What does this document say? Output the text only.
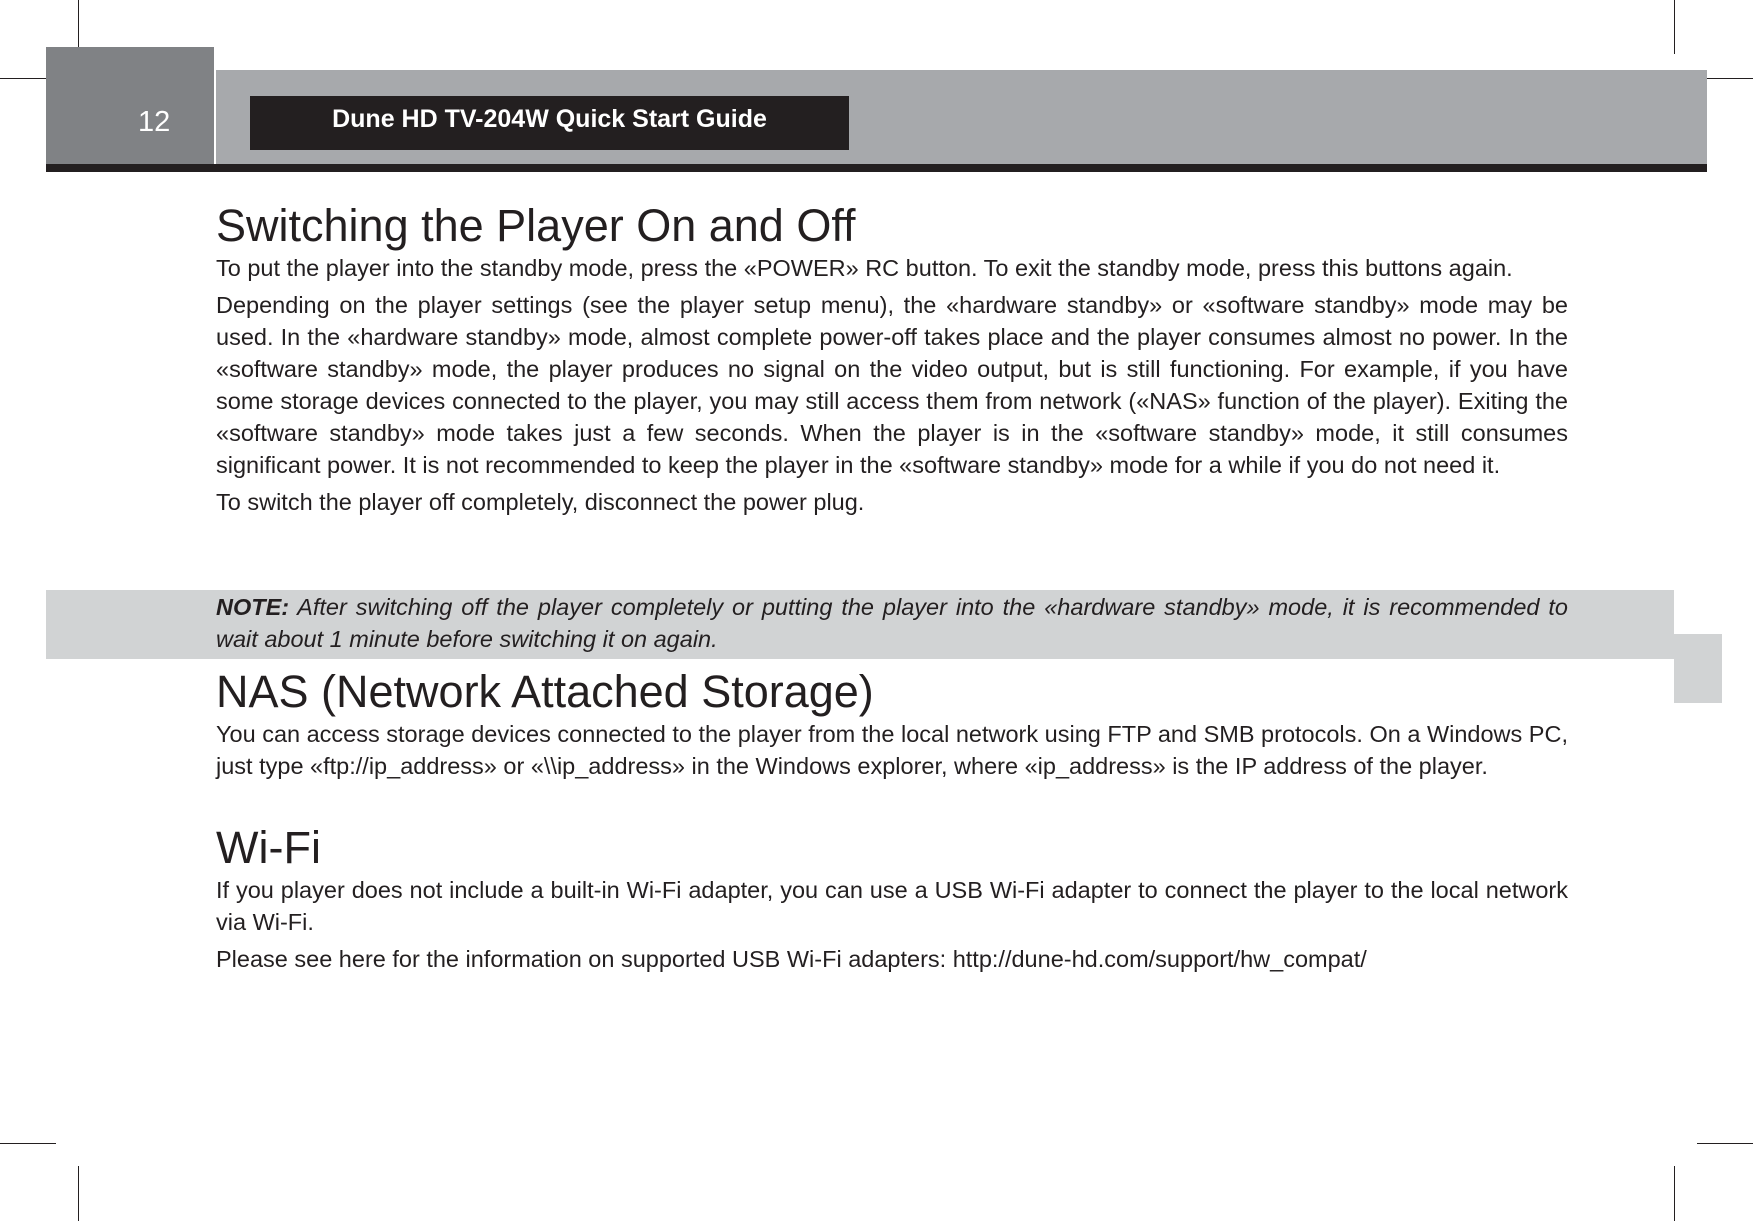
12	Dune HD TV-204W Quick Start Guide
Switching the Player On and Off

To put the player into the standby mode, press the «POWER» RC button. To exit the standby mode, press this buttons again.

Depending on the player settings (see the player setup menu), the «hardware standby» or «software standby» mode may be used. In the «hardware standby» mode, almost complete power-off takes place and the player consumes almost no power. In the «software standby» mode, the player produces no signal on the video output, but is still functioning. For example, if you have some storage devices connected to the player, you may still access them from network («NAS» function of the player). Exiting the «software standby» mode takes just a few seconds. When the player is in the «software standby» mode, it still consumes significant power. It is not recommended to keep the player in the «software standby» mode for a while if you do not need it.

To switch the player off completely, disconnect the power plug.

NOTE: After switching off the player completely or putting the player into the «hardware standby» mode, it is recommended to wait about 1 minute before switching it on again.
NAS (Network Attached Storage)

You can access storage devices connected to the player from the local network using FTP and SMB protocols. On a Windows PC, just type «ftp://ip_address» or «\\ip_address» in the Windows explorer, where «ip_address» is the IP address of the player.

Wi-Fi

If you player does not include a built-in Wi-Fi adapter, you can use a USB Wi-Fi adapter to connect the player to the local network via Wi-Fi.

Please see here for the information on supported USB Wi-Fi adapters: http://dune-hd.com/support/hw_compat/
